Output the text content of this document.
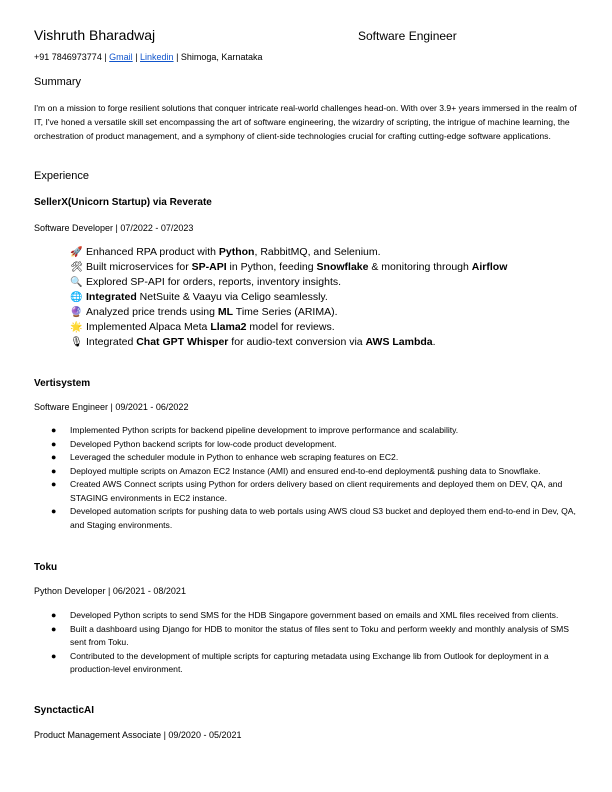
Vishruth Bharadwaj	Software Engineer
+91 7846973774 | Gmail | Linkedin | Shimoga, Karnataka
Summary
I'm on a mission to forge resilient solutions that conquer intricate real-world challenges head-on. With over 3.9+ years immersed in the realm of IT, I've honed a versatile skill set encompassing the art of software engineering, the wizardry of scripting, the intrigue of machine learning, the orchestration of product management, and a symphony of client-side technologies crucial for crafting cutting-edge software applications.
Experience
SellerX(Unicorn Startup) via Reverate
Software Developer | 07/2022 - 07/2023
🚀 Enhanced RPA product with Python, RabbitMQ, and Selenium.
🛠 Built microservices for SP-API in Python, feeding Snowflake & monitoring through Airflow
🔍 Explored SP-API for orders, reports, inventory insights.
🌐 Integrated NetSuite & Vaayu via Celigo seamlessly.
🔮 Analyzed price trends using ML Time Series (ARIMA).
🌟 Implemented Alpaca Meta Llama2 model for reviews.
🎙 Integrated Chat GPT Whisper for audio-text conversion via AWS Lambda.
Vertisystem
Software Engineer | 09/2021 - 06/2022
● Implemented Python scripts for backend pipeline development to improve performance and scalability.
● Developed Python backend scripts for low-code product development.
● Leveraged the scheduler module in Python to enhance web scraping features on EC2.
● Deployed multiple scripts on Amazon EC2 Instance (AMI) and ensured end-to-end deployment& pushing data to Snowflake.
● Created AWS Connect scripts using Python for orders delivery based on client requirements and deployed them on DEV, QA, and STAGING environments in EC2 instance.
● Developed automation scripts for pushing data to web portals using AWS cloud S3 bucket and deployed them end-to-end in Dev, QA, and Staging environments.
Toku
Python Developer | 06/2021 - 08/2021
● Developed Python scripts to send SMS for the HDB Singapore government based on emails and XML files received from clients.
● Built a dashboard using Django for HDB to monitor the status of files sent to Toku and perform weekly and monthly analysis of SMS sent from Toku.
● Contributed to the development of multiple scripts for capturing metadata using Exchange lib from Outlook for deployment in a production-level environment.
SynctacticAI
Product Management Associate | 09/2020 - 05/2021
